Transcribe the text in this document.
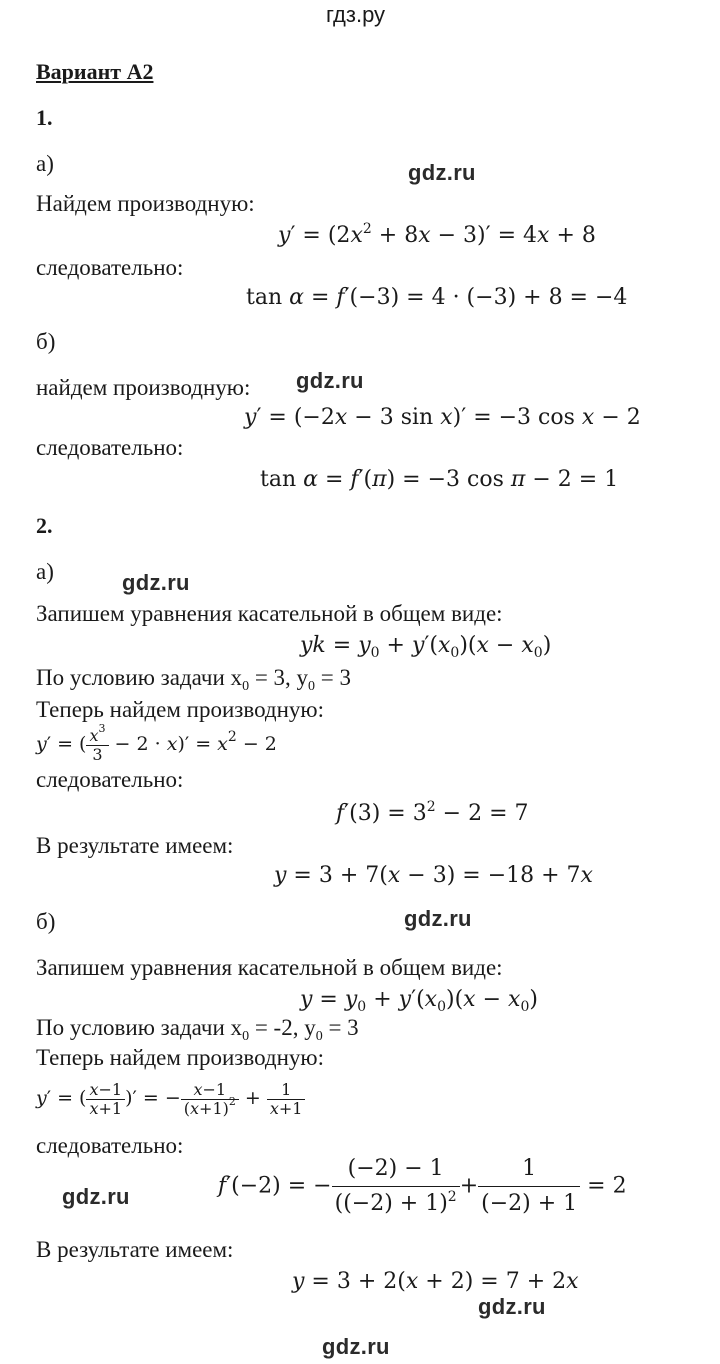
гдз.ру
Вариант А2
1.
а)	gdz.ru
Найдем производную:
$y' = (2x^2 + 8x - 3)' = 4x + 8$
следовательно:
tan α = f′(−3) = 4 · (−3) + 8 = −4
б)
найдем производную: gdz.ru
y′ = (−2x − 3 sin x)′ = −3 cos x − 2
следовательно:
tan α = f′(π) = −3 cos π − 2 = 1
2.
а)	gdz.ru
Запишем уравнения касательной в общем виде:
yk = $y_0 + y'(x_0)(x - x_0)$
По условию задачи $x_0 = 3$, $y_0 = 3$
Теперь найдем производную:
y′ = ( $\frac{x^3}{3} - 2 \cdot x)' = x^2 - 2$
следовательно:
$f'(3) = 3^2 - 2 = 7$
В результате имеем:
y = 3 + 7(x − 3) = −18 + 7x
б)	gdz.ru
Запишем уравнения касательной в общем виде:
$y = y_0 + y'(x_0)(x - x_0)$
По условию задачи $x_0 = -2$, $y_0 = 3$
Теперь найдем производную:
y′ = ( $\frac{x-1}{x+1}$ )′ = − $\frac{x-1}{(x+1)^2} + \frac{1}{x+1}$
следовательно:
gdz.ru	f′(−2) = − $\frac{(-2) - 1}{((-2) + 1)^2} + \frac{1}{(-2) + 1} = 2$
В результате имеем:
y = 3 + 2(x + 2) = 7 + 2x
gdz.ru
gdz.ru
